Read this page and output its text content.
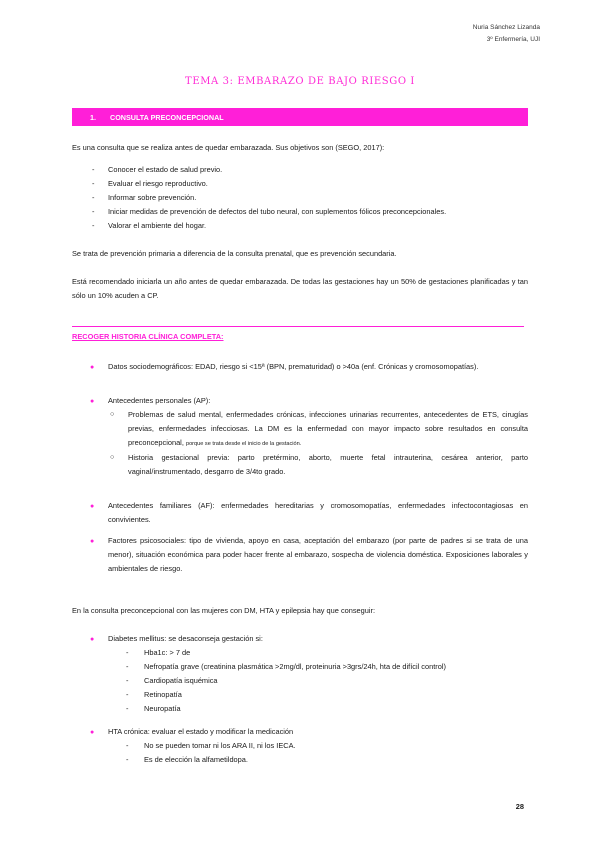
Nuria Sánchez Lizanda
3º Enfermería, UJI
TEMA 3: EMBARAZO DE BAJO RIESGO I
1.	CONSULTA PRECONCEPCIONAL

Es una consulta que se realiza antes de quedar embarazada. Sus objetivos son (SEGO, 2017):

- Conocer el estado de salud previo.
- Evaluar el riesgo reproductivo.
- Informar sobre prevención.
- Iniciar medidas de prevención de defectos del tubo neural, con suplementos fólicos preconcepcionales.
- Valorar el ambiente del hogar.

Se trata de prevención primaria a diferencia de la consulta prenatal, que es prevención secundaria.

Está recomendado iniciarla un año antes de quedar embarazada. De todas las gestaciones hay un 50% de gestaciones planificadas y tan sólo un 10% acuden a CP.

RECOGER HISTORIA CLÍNICA COMPLETA:
● Datos sociodemográficos: EDAD, riesgo si <15ª (BPN, prematuridad) o >40a (enf. Crónicas y cromosomopatías).
● Antecedentes personales (AP):
○ Problemas de salud mental, enfermedades crónicas, infecciones urinarias recurrentes, antecedentes de ETS, cirugías previas, enfermedades infecciosas. La DM es la enfermedad con mayor impacto sobre resultados en consulta preconcepcional, porque se trata desde el inicio de la gestación.
○ Historia gestacional previa: parto pretérmino, aborto, muerte fetal intrauterina, cesárea anterior, parto vaginal/instrumentado, desgarro de 3/4to grado.
● Antecedentes familiares (AF): enfermedades hereditarias y cromosomopatías, enfermedades infectocontagiosas en convivientes.
● Factores psicosociales: tipo de vivienda, apoyo en casa, aceptación del embarazo (por parte de padres si se trata de una menor), situación económica para poder hacer frente al embarazo, sospecha de violencia doméstica. Exposiciones laborales y ambientales de riesgo.

En la consulta preconcepcional con las mujeres con DM, HTA y epilepsia hay que conseguir:

● Diabetes mellitus: se desaconseja gestación si:
- Hba1c: > 7 de
- Nefropatía grave (creatinina plasmática >2mg/dl, proteinuria >3grs/24h, hta de difícil control)
- Cardiopatía isquémica
- Retinopatía
- Neuropatía
● HTA crónica: evaluar el estado y modificar la medicación
- No se pueden tomar ni los ARA II, ni los IECA.
- Es de elección la alfametildopa.
28
